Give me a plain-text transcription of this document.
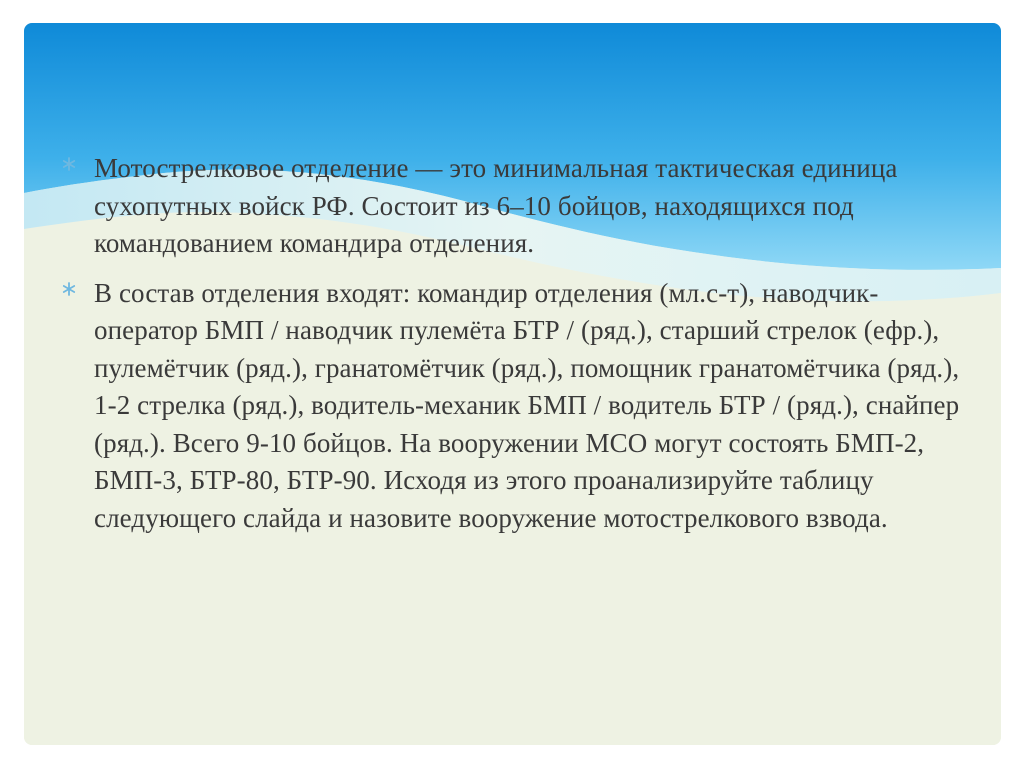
Мотострелковое отделение — это минимальная тактическая единица сухопутных войск РФ. Состоит из 6–10 бойцов, находящихся под командованием командира отделения.
В состав отделения входят: командир отделения (мл.с-т), наводчик-оператор БМП / наводчик пулемёта БТР / (ряд.), старший стрелок (ефр.), пулемётчик (ряд.), гранатомётчик (ряд.), помощник гранатомётчика (ряд.), 1-2 стрелка (ряд.), водитель-механик БМП / водитель БТР / (ряд.), снайпер (ряд.). Всего 9-10 бойцов. На вооружении МСО могут состоять БМП-2, БМП-3, БТР-80, БТР-90. Исходя из этого проанализируйте таблицу следующего слайда и назовите вооружение мотострелкового взвода.
